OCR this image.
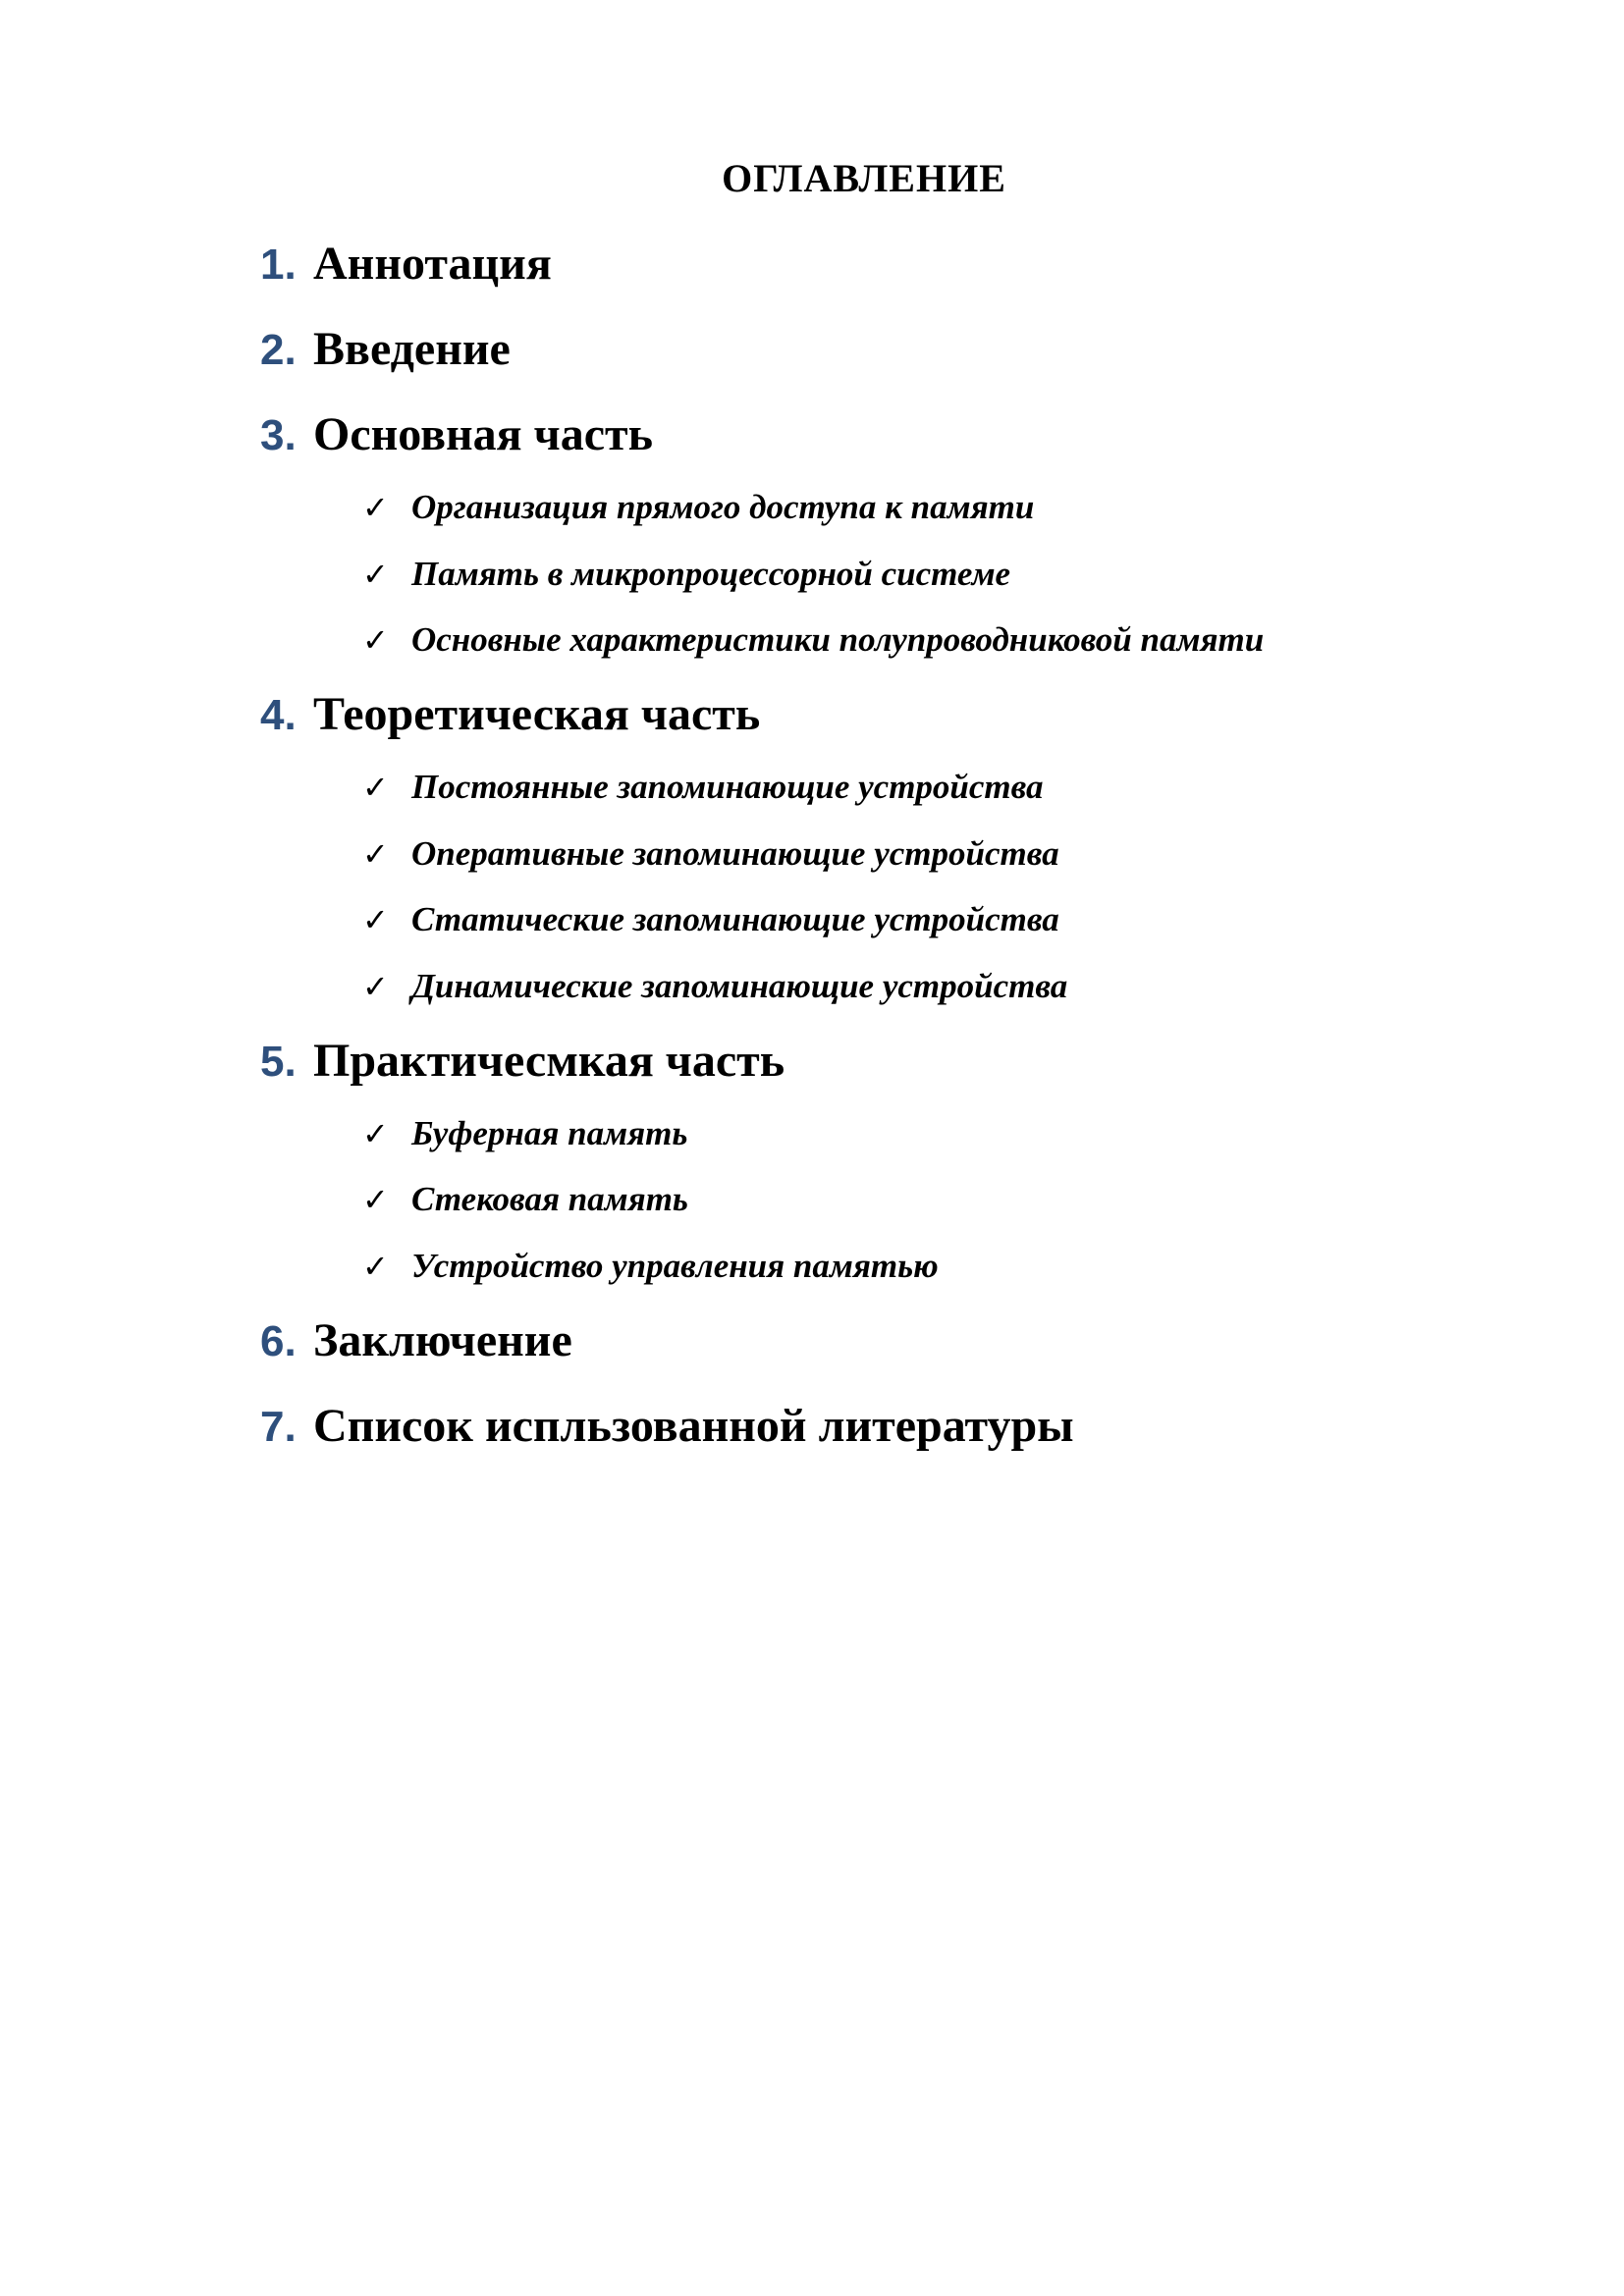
ОГЛАВЛЕНИЕ
1. Аннотация
2. Введение
3. Основная часть
✓ Организация прямого доступа к памяти
✓ Память в микропроцессорной системе
✓ Основные характеристики полупроводниковой памяти
4. Теоретическая часть
✓ Постоянные запоминающие устройства
✓ Оперативные запоминающие устройства
✓ Статические запоминающие устройства
✓ Динамические запоминающие устройства
5. Практичесмкая часть
✓ Буферная память
✓ Стековая память
✓ Устройство управления памятью
6. Заключение
7. Список испльзованной литературы
